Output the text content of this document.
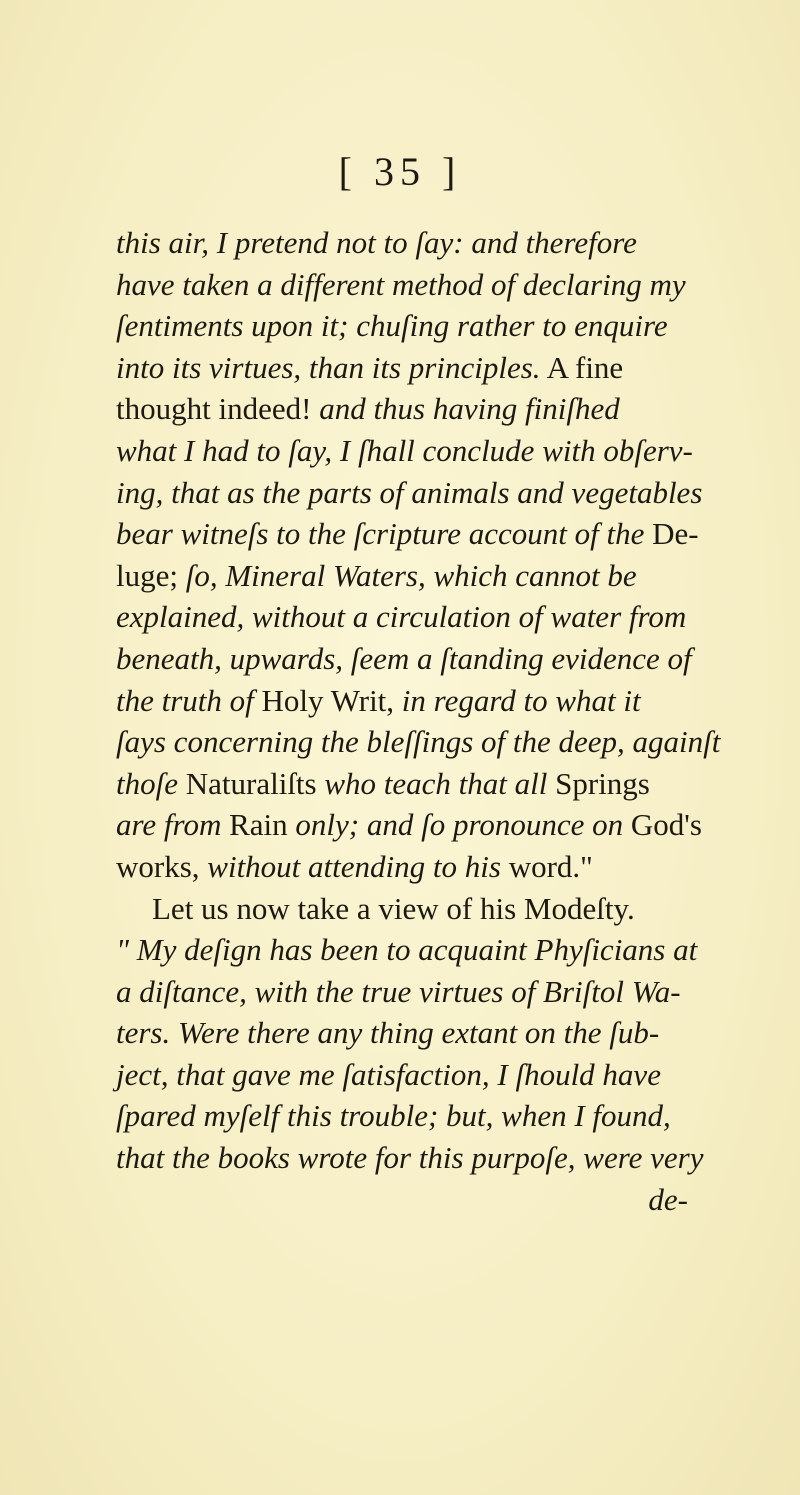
[ 35 ]
this air, I pretend not to ſay: and therefore
have taken a different method of declaring my
ſentiments upon it; chuſing rather to enquire
into its virtues, than its principles. A fine
thought indeed! and thus having finiſhed
what I had to ſay, I ſhall conclude with obſerv-
ing, that as the parts of animals and vegetables
bear witneſs to the ſcripture account of the De-
luge; ſo, Mineral Waters, which cannot be
explained, without a circulation of water from
beneath, upwards, ſeem a ſtanding evidence of
the truth of Holy Writ, in regard to what it
ſays concerning the bleſſings of the deep, againſt
thoſe Naturaliſts who teach that all Springs
are from Rain only; and ſo pronounce on God's
works, without attending to his word."
Let us now take a view of his Modeſty.
" My deſign has been to acquaint Phyſicians at
a diſtance, with the true virtues of Briſtol Wa-
ters. Were there any thing extant on the ſub-
ject, that gave me ſatisfaction, I ſhould have
ſpared myſelf this trouble; but, when I found,
that the books wrote for this purpoſe, were very
de-
